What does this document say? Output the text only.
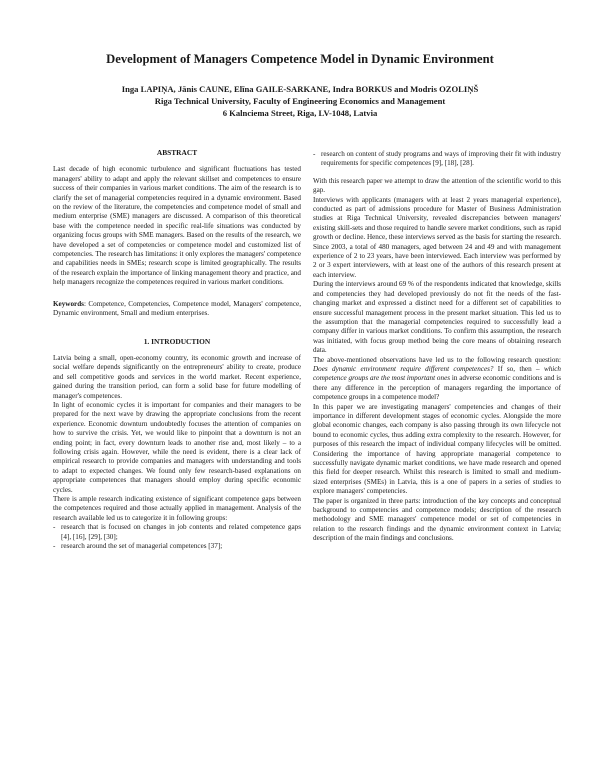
Development of Managers Competence Model in Dynamic Environment
Inga LAPIŅA, Jānis CAUNE, Elīna GAILE-SARKANE, Indra BORKUS and Modris OZOLIŅŠ
Riga Technical University, Faculty of Engineering Economics and Management
6 Kalnciema Street, Riga, LV-1048, Latvia
ABSTRACT

Last decade of high economic turbulence and significant fluctuations has tested managers' ability to adapt and apply the relevant skillset and competences to ensure success of their companies in various market conditions. The aim of the research is to clarify the set of managerial competencies required in a dynamic environment. Based on the review of the literature, the competencies and competence model of small and medium enterprise (SME) managers are discussed. A comparison of this theoretical base with the competence needed in specific real-life situations was conducted by organizing focus groups with SME managers. Based on the results of the research, we have developed a set of competencies or competence model and customized list of competencies. The research has limitations: it only explores the managers' competence and capabilities needs in SMEs; research scope is limited geographically. The results of the research explain the importance of linking management theory and practice, and help managers recognize the competences required in various market conditions.

Keywords: Competence, Competencies, Competence model, Managers' competence, Dynamic environment, Small and medium enterprises.

1. INTRODUCTION

Latvia being a small, open-economy country, its economic growth and increase of social welfare depends significantly on the entrepreneurs' ability to create, produce and sell competitive goods and services in the world market. Recent experience, gained during the transition period, can form a solid base for future modelling of manager's competences.

In light of economic cycles it is important for companies and their managers to be prepared for the next wave by drawing the appropriate conclusions from the recent experience. Economic downturn undoubtedly focuses the attention of companies on how to survive the crisis. Yet, we would like to pinpoint that a downturn is not an ending point; in fact, every downturn leads to another rise and, most likely – to a following crisis again. However, while the need is evident, there is a clear lack of empirical research to provide companies and managers with understanding and tools to adapt to expected changes. We found only few research-based explanations on appropriate competences that managers should employ during specific economic cycles.

There is ample research indicating existence of significant competence gaps between the competences required and those actually applied in management. Analysis of the research available led us to categorize it in following groups:

- research that is focused on changes in job contents and related competence gaps [4], [16], [29], [30];
- research around the set of managerial competences [37];
- research on content of study programs and ways of improving their fit with industry requirements for specific competences [9], [18], [28].

With this research paper we attempt to draw the attention of the scientific world to this gap.

Interviews with applicants (managers with at least 2 years managerial experience), conducted as part of admissions procedure for Master of Business Administration studies at Riga Technical University, revealed discrepancies between managers' existing skill-sets and those required to handle severe market conditions, such as rapid growth or decline. Hence, these interviews served as the basis for starting the research. Since 2003, a total of 480 managers, aged between 24 and 49 and with management experience of 2 to 23 years, have been interviewed. Each interview was performed by 2 or 3 expert interviewers, with at least one of the authors of this research present at each interview.

During the interviews around 69 % of the respondents indicated that knowledge, skills and competencies they had developed previously do not fit the needs of the fast-changing market and expressed a distinct need for a different set of capabilities to ensure successful management process in the present market situation. This led us to the assumption that the managerial competencies required to successfully lead a company differ in various market conditions. To confirm this assumption, the research was initiated, with focus group method being the core means of obtaining research data.

The above-mentioned observations have led us to the following research question: Does dynamic environment require different competences? If so, then – which competence groups are the most important ones in adverse economic conditions and is there any difference in the perception of managers regarding the importance of competence groups in a competence model?

In this paper we are investigating managers' competencies and changes of their importance in different development stages of economic cycles. Alongside the more global economic changes, each company is also passing through its own lifecycle not bound to economic cycles, thus adding extra complexity to the research. However, for purposes of this research the impact of individual company lifecycles will be omitted. Considering the importance of having appropriate managerial competence to successfully navigate dynamic market conditions, we have made research and opened this field for deeper research. Whilst this research is limited to small and medium-sized enterprises (SMEs) in Latvia, this is a one of papers in a series of studies to explore managers' competencies.

The paper is organized in three parts: introduction of the key concepts and conceptual background to competencies and competence models; description of the research methodology and SME managers' competence model or set of competencies in relation to the research findings and the dynamic environment context in Latvia; description of the main findings and conclusions.
